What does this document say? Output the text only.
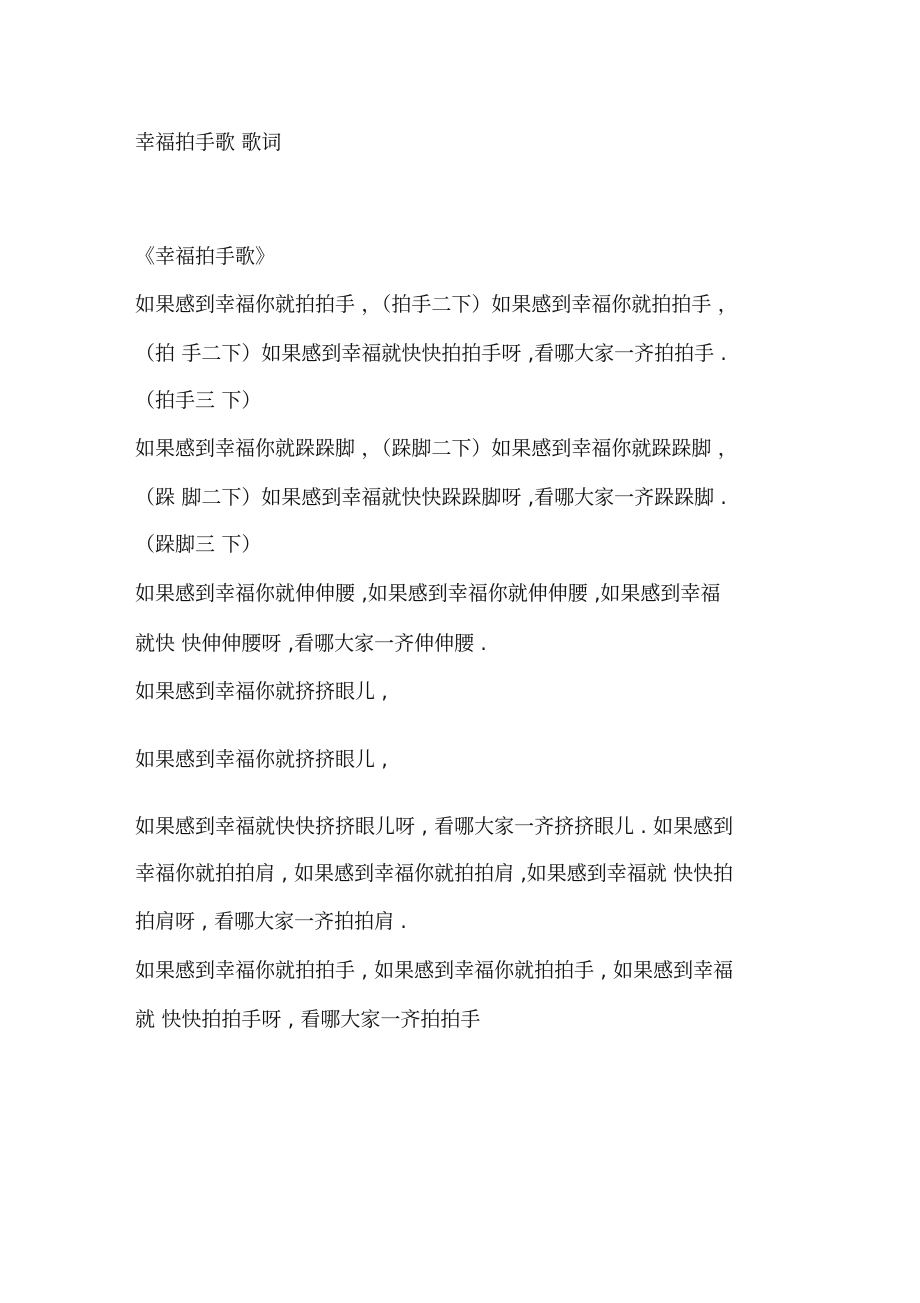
幸福拍手歌 歌词
《幸福拍手歌》
如果感到幸福你就拍拍手 ，（拍手二下）如果感到幸福你就拍拍手 ，
（拍 手二下）如果感到幸福就快快拍拍手呀 ,看哪大家一齐拍拍手 .
（拍手三 下）
如果感到幸福你就跺跺脚 ，（跺脚二下）如果感到幸福你就跺跺脚 ，
（跺 脚二下）如果感到幸福就快快跺跺脚呀 ,看哪大家一齐跺跺脚 .
（跺脚三 下）
如果感到幸福你就伸伸腰 ,如果感到幸福你就伸伸腰 ,如果感到幸福
就快 快伸伸腰呀 ,看哪大家一齐伸伸腰 .
如果感到幸福你就挤挤眼儿 ,
如果感到幸福你就挤挤眼儿 ,
如果感到幸福就快快挤挤眼儿呀 , 看哪大家一齐挤挤眼儿 . 如果感到
幸福你就拍拍肩 , 如果感到幸福你就拍拍肩 ,如果感到幸福就 快快拍
拍肩呀 , 看哪大家一齐拍拍肩 .
如果感到幸福你就拍拍手 , 如果感到幸福你就拍拍手 , 如果感到幸福
就 快快拍拍手呀 , 看哪大家一齐拍拍手
